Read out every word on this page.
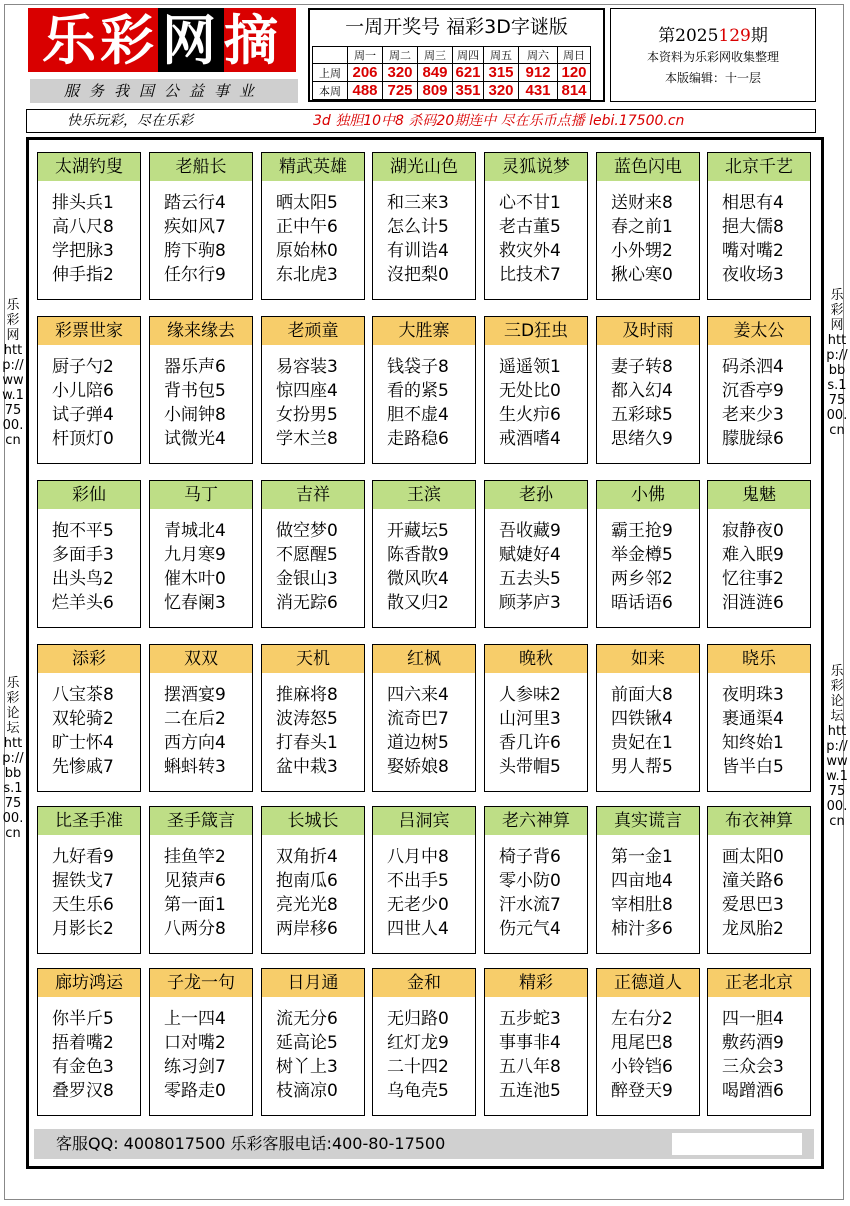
乐彩网摘
服务我国公益事业
一周开奖号 福彩3D字谜版
	周一	周二	周三	周四	周五	周六	周日
上周	206	320	849	621	315	912	120
本周	488	725	809	351	320	431	814
第2025129期
本资料为乐彩网收集整理
本版编辑：十一层
快乐玩彩，尽在乐彩	3d 独胆10中8 杀码20期连中 尽在乐币点播 lebi.17500.cn
乐彩网 http://www.17500.cn
乐彩论坛 http://bbs.17500.cn
乐彩网 http://bbs.17500.cn
乐彩论坛 http://www.17500.cn
太湖钓叟
排头兵1
高八尺8
学把脉3
伸手指2
老船长
踏云行4
疾如风7
胯下驹8
任尔行9
精武英雄
晒太阳5
正中午6
原始林0
东北虎3
湖光山色
和三来3
怎么计5
有训诰4
沒把梨0
灵狐说梦
心不甘1
老古董5
救灾外4
比技术7
蓝色闪电
送财来8
春之前1
小外甥2
揪心寒0
北京千艺
相思有4
挹大儒8
嘴对嘴2
夜收场3
彩票世家
厨子勺2
小儿陪6
试子弹4
杆顶灯0
缘来缘去
器乐声6
背书包5
小闹钟8
试微光4
老顽童
易容装3
惊四座4
女扮男5
学木兰8
大胜寨
钱袋子8
看的紧5
胆不虚4
走路稳6
三D狂虫
遥遥领1
无处比0
生火疖6
戒酒嗜4
及时雨
妻子转8
都入幻4
五彩球5
思绪久9
姜太公
码杀泗4
沉香亭9
老来少3
朦胧绿6
彩仙
抱不平5
多面手3
出头鸟2
烂羊头6
马丁
青城北4
九月寒9
催木叶0
忆春阑3
吉祥
做空梦0
不愿醒5
金银山3
消无踪6
王滨
开藏坛5
陈香散9
微风吹4
散又归2
老孙
吾收藏9
赋婕好4
五去头5
顾茅庐3
小佛
霸王抢9
举金樽5
两乡邻2
晤话语6
鬼魅
寂静夜0
难入眠9
忆往事2
泪涟涟6
添彩
八宝茶8
双轮骑2
旷士怀4
先惨戚7
双双
摆酒宴9
二在后2
西方向4
蝌蚪转3
天机
推麻将8
波涛怒5
打春头1
盆中栽3
红枫
四六来4
流奇巴7
道边树5
娶娇娘8
晚秋
人参味2
山河里3
香几许6
头带帽5
如来
前面大8
四铁锹4
贵妃在1
男人帮5
晓乐
夜明珠3
裹通渠4
知终始1
皆半白5
比圣手准
九好看9
握铁戈7
天生乐6
月影长2
圣手箴言
挂鱼竿2
见猿声6
第一面1
八两分8
长城长
双角折4
抱南瓜6
亮光光8
两岸移6
吕洞宾
八月中8
不出手5
无老少0
四世人4
老六神算
椅子背6
零小防0
汗水流7
伤元气4
真实谎言
第一金1
四亩地4
宰相肚8
柿汁多6
布衣神算
画太阳0
潼关路6
爱思巴3
龙凤胎2
廊坊鸿运
你半斤5
捂着嘴2
有金色3
叠罗汉8
子龙一句
上一四4
口对嘴2
练习剑7
零路走0
日月通
流无分6
延高论5
树丫上3
枝滴凉0
金和
无归路0
红灯龙9
二十四2
乌龟壳5
精彩
五步蛇3
事事非4
五八年8
五连池5
正德道人
左右分2
甩尾巴8
小铃铛6
醉登天9
正老北京
四一胆4
敷药酒9
三众会3
喝蹭酒6
客服QQ: 4008017500 乐彩客服电话:400-80-17500
